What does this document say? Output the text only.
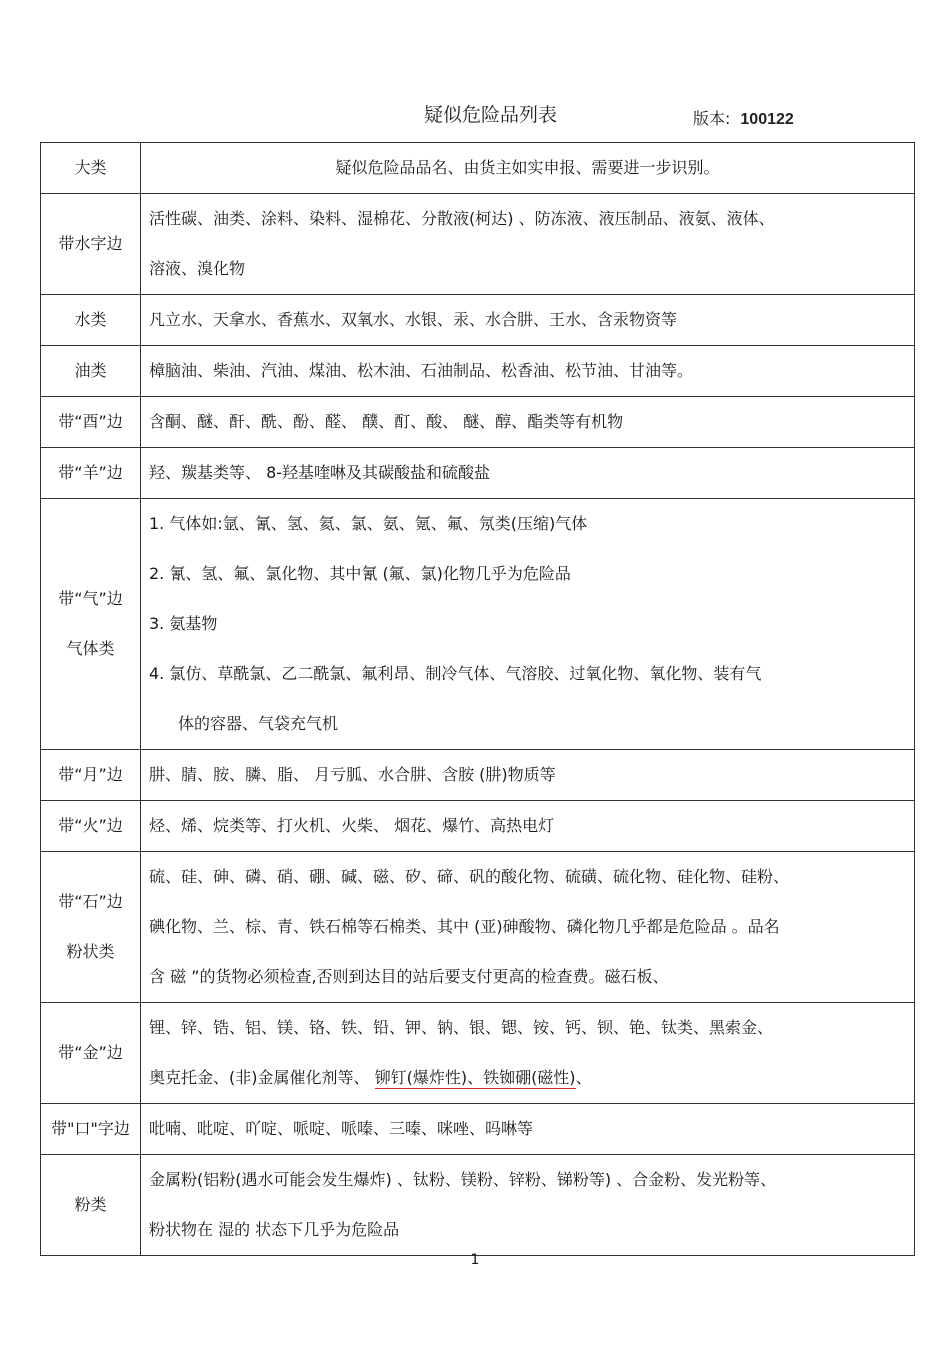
疑似危险品列表	版本: 100122
大类	疑似危险品品名、由货主如实申报、需要进一步识别。

带水字边	活性碳、油类、涂料、染料、湿棉花、分散液(柯达) 、防冻液、液压制品、液氨、液体、
溶液、溴化物

水类	凡立水、天拿水、香蕉水、双氧水、水银、汞、水合肼、王水、含汞物资等

油类	樟脑油、柴油、汽油、煤油、松木油、石油制品、松香油、松节油、甘油等。

带“酉”边	含酮、醚、酐、酰、酚、醛、 醭、酊、酸、 醚、醇、酯类等有机物

带“羊”边	羟、羰基类等、 8-羟基喹啉及其碳酸盐和硫酸盐

带“气”边
气体类	1. 气体如:氩、氰、氢、氦、氯、氨、氪、氟、氖类(压缩)气体
2. 氰、氢、氟、氯化物、其中氰 (氟、氯)化物几乎为危险品
3. 氨基物
4. 氯仿、草酰氯、乙二酰氯、氟利昂、制冷气体、气溶胶、过氧化物、氧化物、装有气
体的容器、气袋充气机

带“月”边	肼、腈、胺、膦、脂、 月亏胍、水合肼、含胺 (肼)物质等

带“火”边	烃、烯、烷类等、打火机、火柴、 烟花、爆竹、高热电灯

带“石”边
粉状类	硫、硅、砷、磷、硝、硼、碱、磁、矽、碲、矾的酸化物、硫磺、硫化物、硅化物、硅粉、
碘化物、兰、棕、青、铁石棉等石棉类、其中 (亚)砷酸物、磷化物几乎都是危险品 。品名
含 磁 ”的货物必须检查,否则到达目的站后要支付更高的检查费。磁石板、

带“金”边	锂、锌、锆、铝、镁、铬、铁、铅、钾、钠、银、锶、铵、钙、钡、铯、钛类、黑索金、
奥克托金、(非)金属催化剂等、 铆钉(爆炸性)、铁铷硼(磁性)、

带"口"字边	吡喃、吡啶、吖啶、哌啶、哌嗪、三嗪、咪唑、吗啉等

粉类	金属粉(铝粉(遇水可能会发生爆炸) 、钛粉、镁粉、锌粉、锑粉等) 、合金粉、发光粉等、
粉状物在 湿的 状态下几乎为危险品
1
